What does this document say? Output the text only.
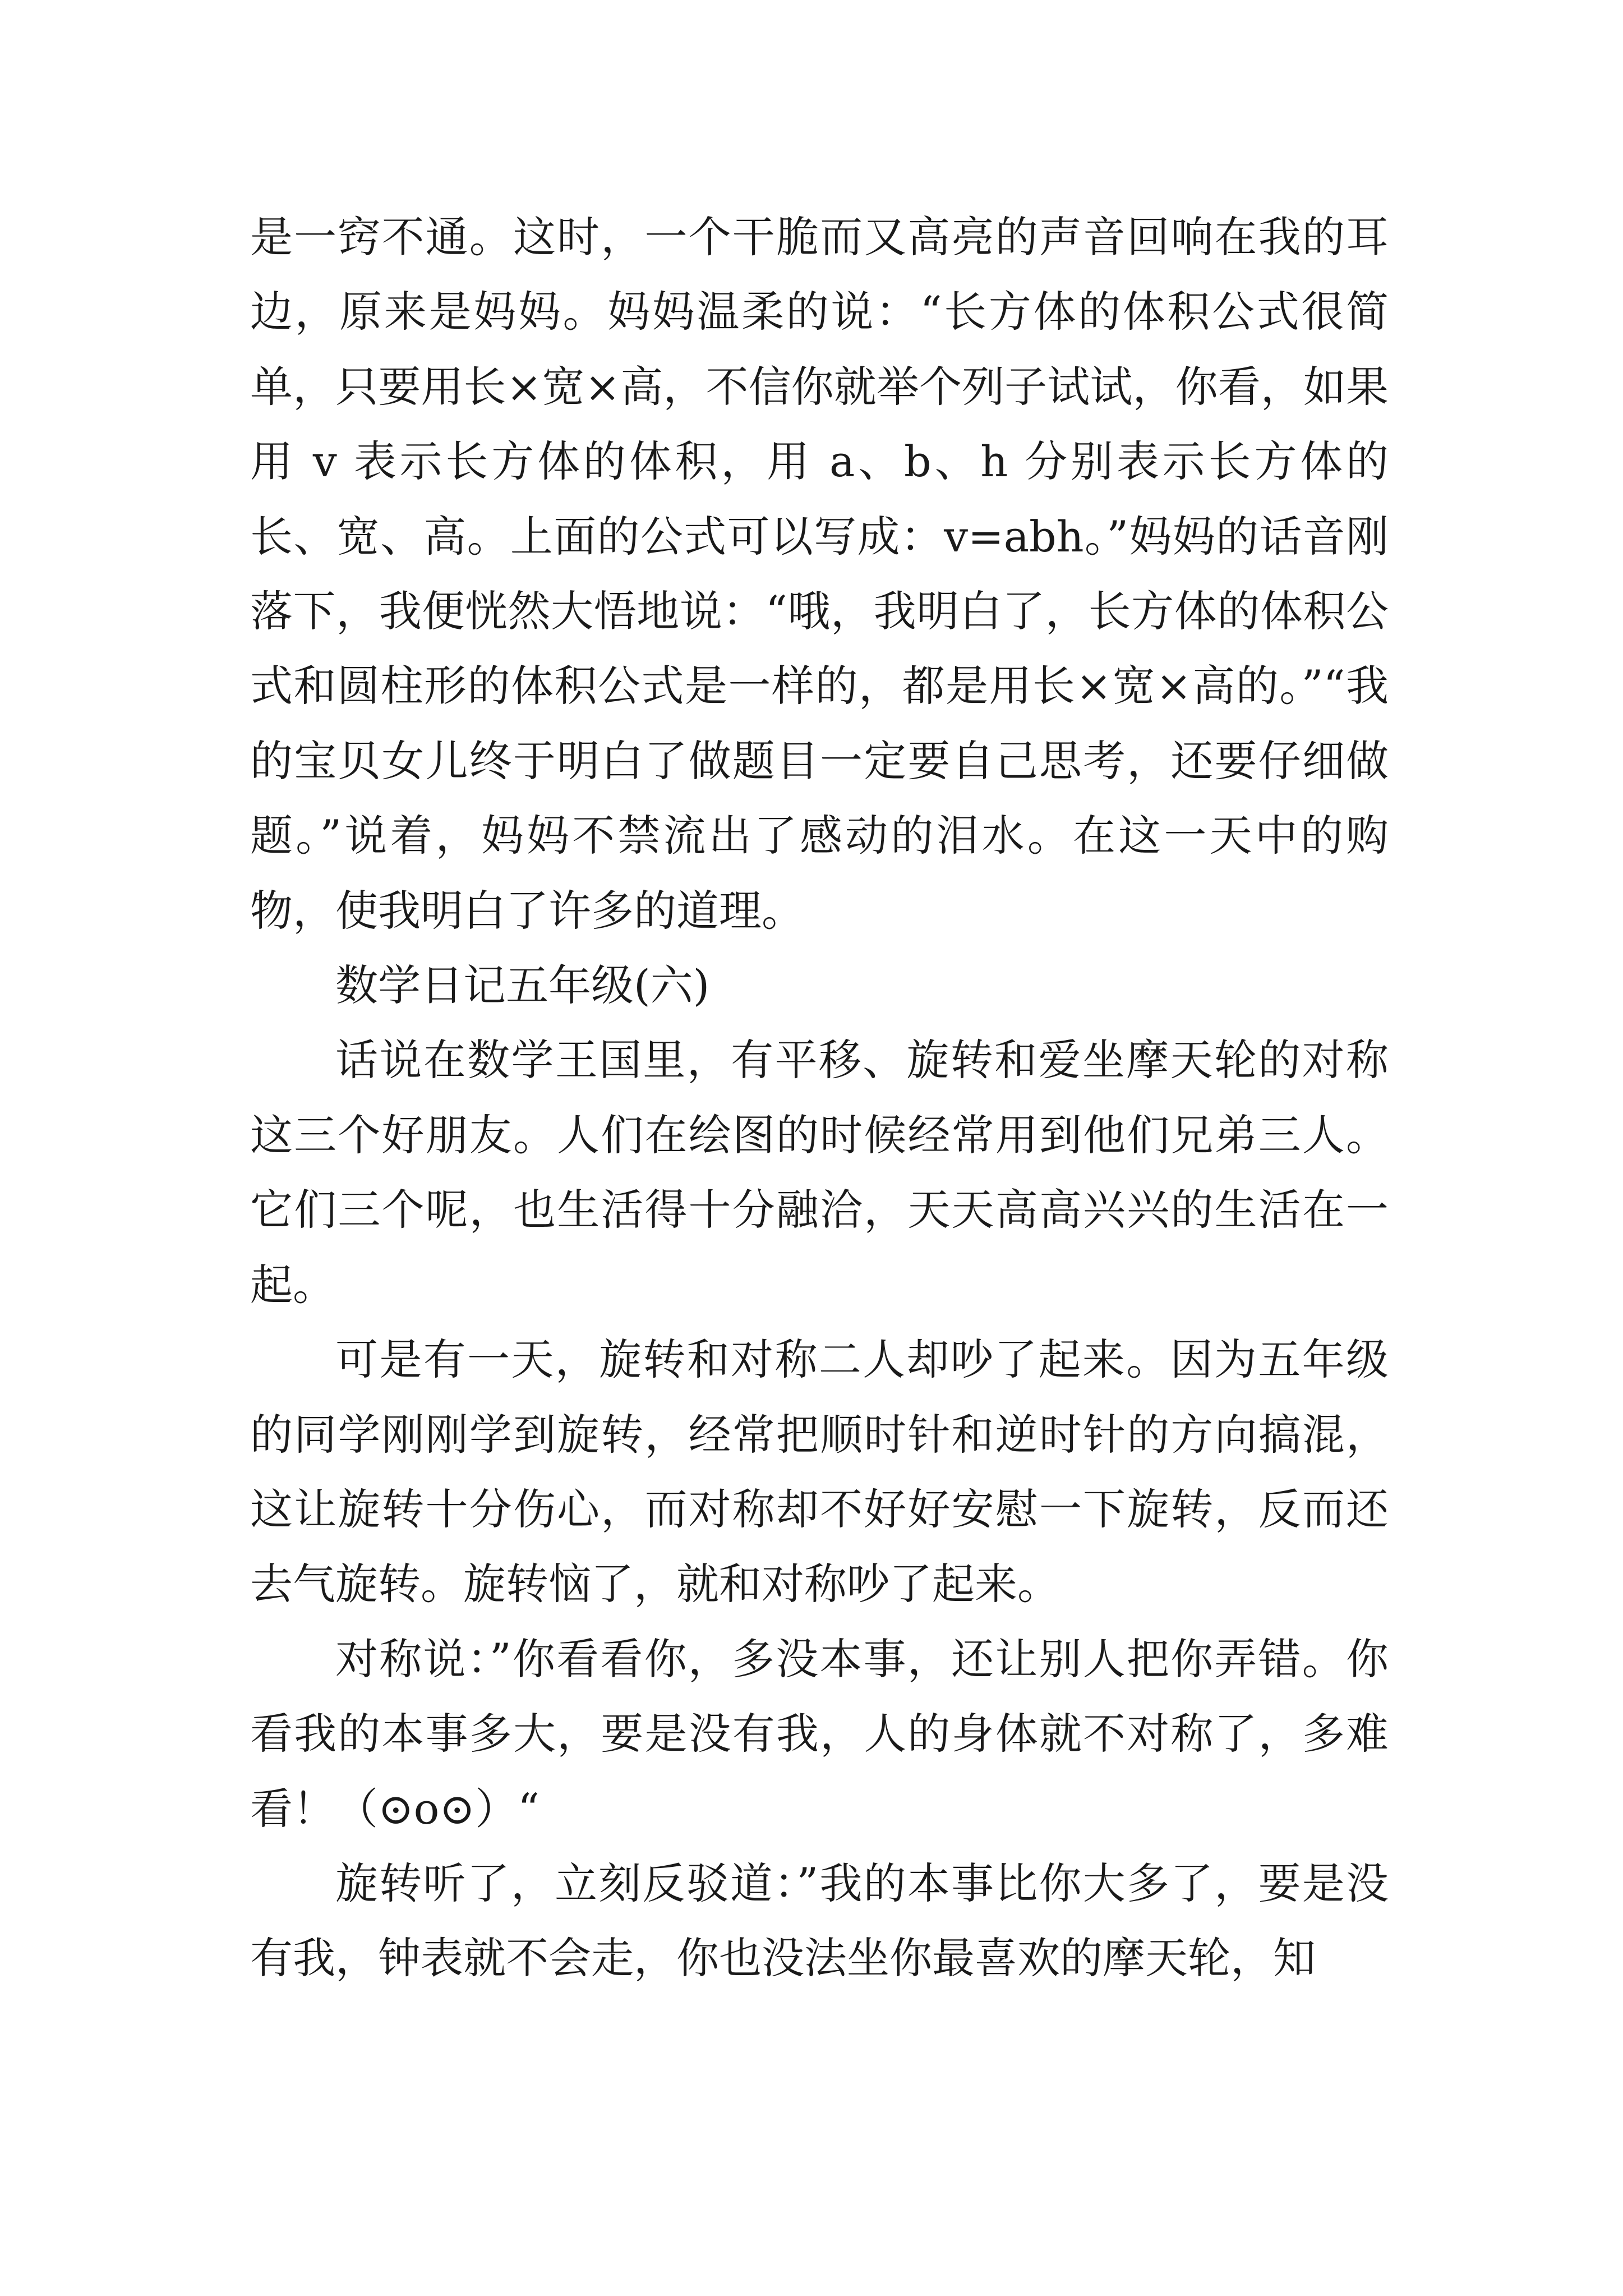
是一窍不通。这时，一个干脆而又高亮的声音回响在我的耳边，原来是妈妈。妈妈温柔的说：“长方体的体积公式很简单，只要用长×宽×高，不信你就举个列子试试，你看，如果用 v 表示长方体的体积，用 a、b、h 分别表示长方体的长、宽、高。上面的公式可以写成：v=abh。”妈妈的话音刚落下，我便恍然大悟地说：“哦，我明白了，长方体的体积公式和圆柱形的体积公式是一样的，都是用长×宽×高的。”“我的宝贝女儿终于明白了做题目一定要自己思考，还要仔细做题。”说着，妈妈不禁流出了感动的泪水。在这一天中的购物，使我明白了许多的道理。

数学日记五年级(六)

话说在数学王国里，有平移、旋转和爱坐摩天轮的对称这三个好朋友。人们在绘图的时候经常用到他们兄弟三人。它们三个呢，也生活得十分融洽，天天高高兴兴的生活在一起。

可是有一天，旋转和对称二人却吵了起来。因为五年级的同学刚刚学到旋转，经常把顺时针和逆时针的方向搞混，这让旋转十分伤心，而对称却不好好安慰一下旋转，反而还去气旋转。旋转恼了，就和对称吵了起来。

对称说：”你看看你，多没本事，还让别人把你弄错。你看我的本事多大，要是没有我，人的身体就不对称了，多难看！（⊙o⊙）“

旋转听了，立刻反驳道：”我的本事比你大多了，要是没有我，钟表就不会走，你也没法坐你最喜欢的摩天轮，知
